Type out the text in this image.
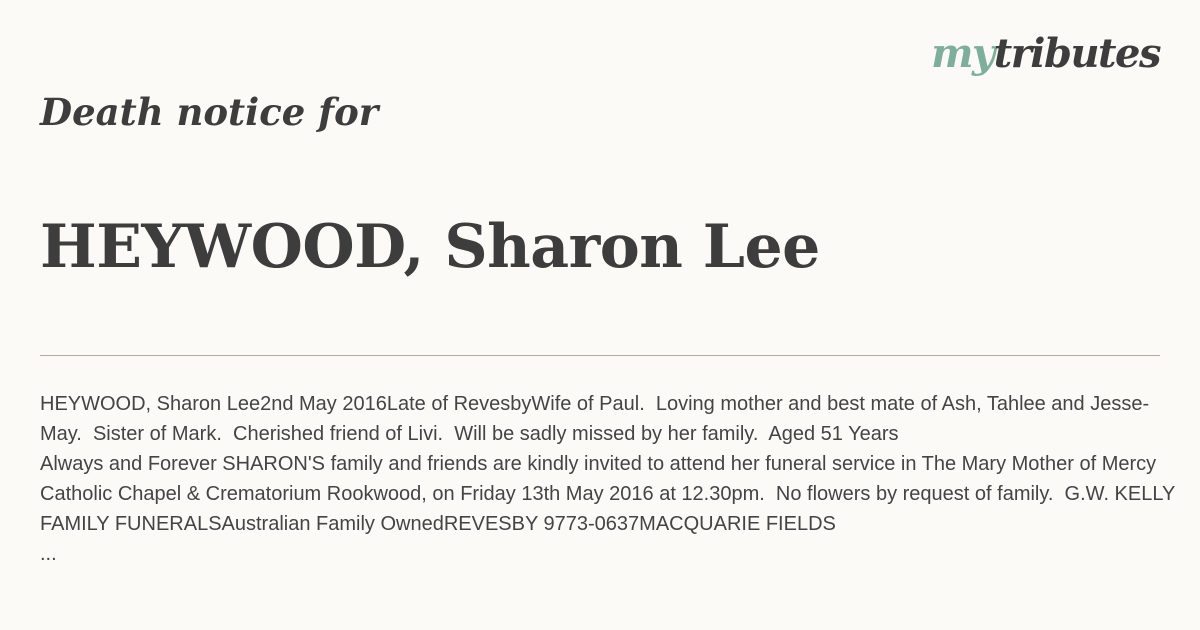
mytributes
Death notice for
HEYWOOD, Sharon Lee

HEYWOOD, Sharon Lee2nd May 2016Late of RevesbyWife of Paul.  Loving mother and best mate of Ash, Tahlee and Jesse-May.  Sister of Mark.  Cherished friend of Livi.  Will be sadly missed by her family.  Aged 51 Years

Always and Forever SHARON'S family and friends are kindly invited to attend her funeral service in The Mary Mother of Mercy Catholic Chapel & Crematorium Rookwood, on Friday 13th May 2016 at 12.30pm.  No flowers by request of family.  G.W. KELLY FAMILY FUNERALSAustralian Family OwnedREVESBY 9773-0637MACQUARIE FIELDS

...
